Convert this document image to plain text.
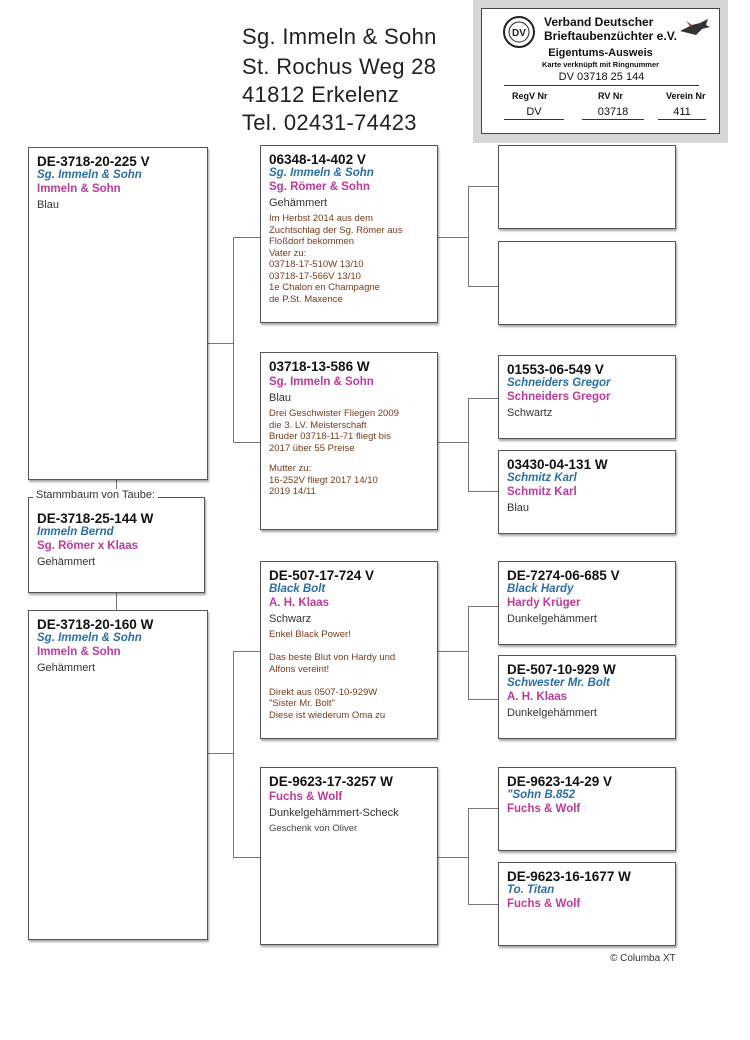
Sg. Immeln & Sohn
St. Rochus Weg 28
41812 Erkelenz
Tel. 02431-74423
DV
Verband Deutscher
Brieftaubenzüchter e.V.
Eigentums-Ausweis
Karte verknüpft mit Ringnummer
DV 03718 25 144
RegV Nr	RV Nr	Verein Nr
DV	03718	411
DE-3718-20-225 V
Sg. Immeln & Sohn
Immeln & Sohn
Blau
Stammbaum von Taube:
DE-3718-25-144 W
Immeln Bernd
Sg. Römer x Klaas
Gehämmert
DE-3718-20-160 W
Sg. Immeln & Sohn
Immeln & Sohn
Gehämmert
06348-14-402 V
Sg. Immeln & Sohn
Sg. Römer & Sohn
Gehämmert
Im Herbst 2014 aus dem
Zuchtschlag der Sg. Römer aus
Floßdorf bekommen
Vater zu:
03718-17-510W 13/10
03718-17-566V 13/10
1e Chalon en Champagne
de P.St. Maxence
03718-13-586 W
Sg. Immeln & Sohn
Blau
Drei Geschwister Fliegen 2009
die 3. LV. Meisterschaft
Bruder 03718-11-71 fliegt bis
2017 über 55 Preise
Mutter zu:
16-252V fliegt 2017 14/10
2019 14/11
DE-507-17-724 V
Black Bolt
A. H. Klaas
Schwarz
Enkel Black Power!

Das beste Blut von Hardy und
Alfons vereint!

Direkt aus 0507-10-929W
"Sister Mr. Bolt"
Diese ist wiederum Oma zu
DE-9623-17-3257 W
Fuchs & Wolf
Dunkelgehämmert-Scheck
Geschenk von Oliver
01553-06-549 V
Schneiders Gregor
Schneiders Gregor
Schwartz
03430-04-131 W
Schmitz Karl
Schmitz Karl
Blau
DE-7274-06-685 V
Black Hardy
Hardy Krüger
Dunkelgehämmert
DE-507-10-929 W
Schwester Mr. Bolt
A. H. Klaas
Dunkelgehämmert
DE-9623-14-29 V
"Sohn B.852
Fuchs & Wolf
DE-9623-16-1677 W
To. Titan
Fuchs & Wolf
© Columba XT
